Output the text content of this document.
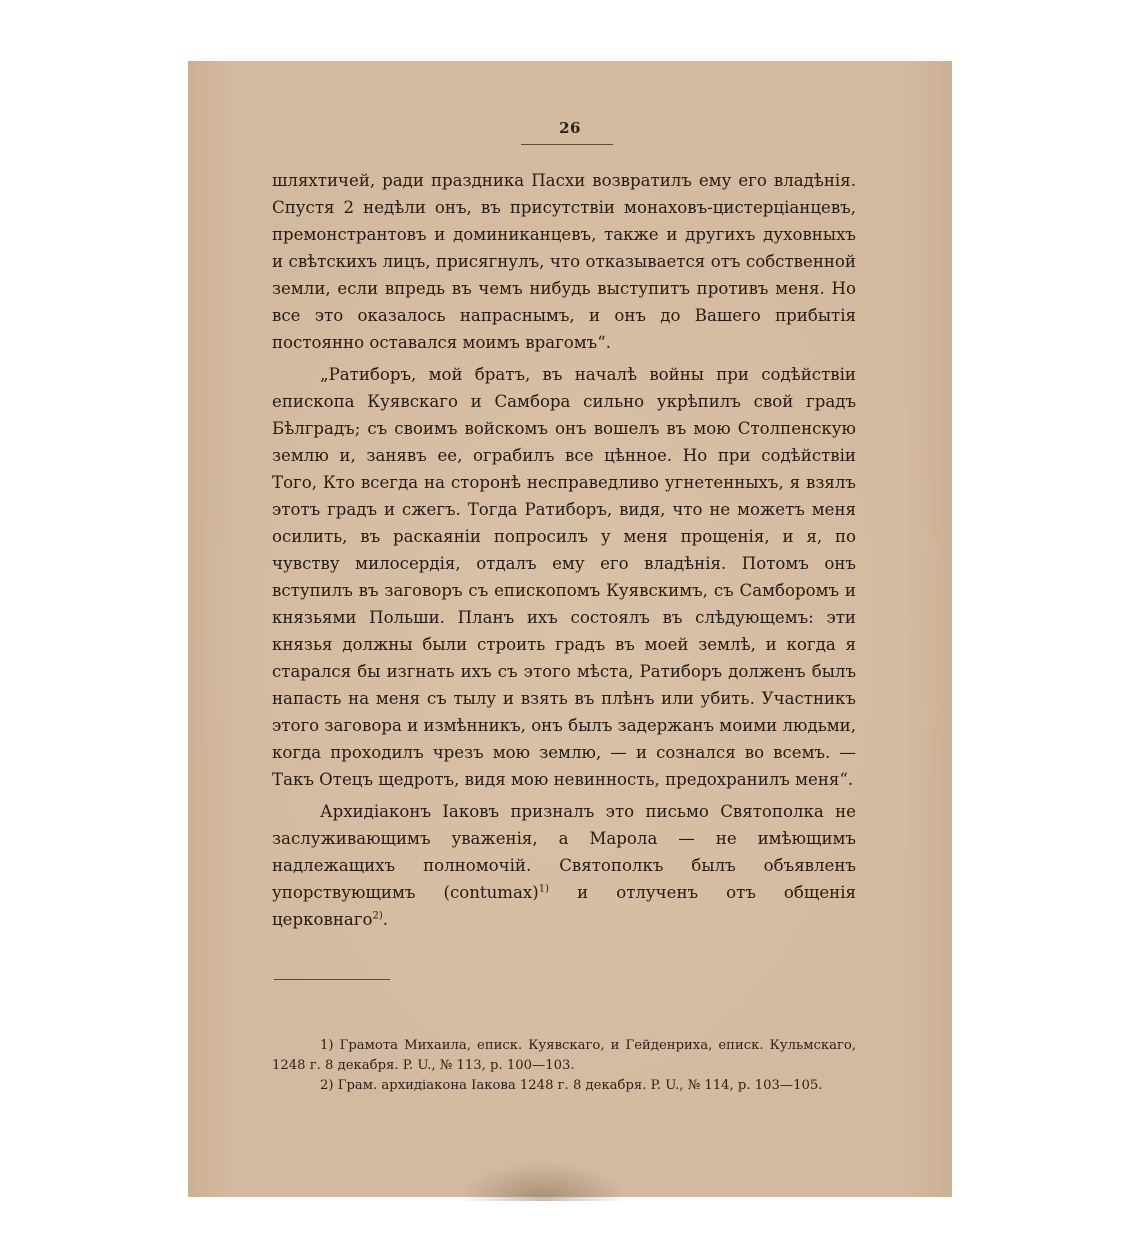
26

шляхтичей, ради праздника Пасхи возвратилъ ему его владѣнія. Спустя 2 недѣли онъ, въ присутствіи монаховъ-цистерціанцевъ, премонстрантовъ и доминиканцевъ, также и другихъ духовныхъ и свѣтскихъ лицъ, присягнулъ, что отказывается отъ собственной земли, если впредь въ чемъ нибудь выступитъ противъ меня. Но все это оказалось напраснымъ, и онъ до Вашего прибытія постоянно оставался моимъ врагомъ“.

„Ратиборъ, мой братъ, въ началѣ войны при содѣйствіи епископа Куявскаго и Самбора сильно укрѣпилъ свой градъ Бѣлградъ; съ своимъ войскомъ онъ вошелъ въ мою Столпенскую землю и, занявъ ее, ограбилъ все цѣнное. Но при содѣйствіи Того, Кто всегда на сторонѣ несправедливо угнетенныхъ, я взялъ этотъ градъ и сжегъ. Тогда Ратиборъ, видя, что не можетъ меня осилить, въ раскаяніи попросилъ у меня прощенія, и я, по чувству милосердія, отдалъ ему его владѣнія. Потомъ онъ вступилъ въ заговоръ съ епископомъ Куявскимъ, съ Самборомъ и князьями Польши. Планъ ихъ состоялъ въ слѣдующемъ: эти князья должны были строить градъ въ моей землѣ, и когда я старался бы изгнать ихъ съ этого мѣста, Ратиборъ долженъ былъ напасть на меня съ тылу и взять въ плѣнъ или убить. Участникъ этого заговора и измѣнникъ, онъ былъ задержанъ моими людьми, когда проходилъ чрезъ мою землю, — и сознался во всемъ. — Такъ Отецъ щедротъ, видя мою невинность, предохранилъ меня“.

Архидіаконъ Іаковъ призналъ это письмо Святополка не заслуживающимъ уваженія, а Марола — не имѣющимъ надлежащихъ полномочій. Святополкъ былъ объявленъ упорствующимъ (contumax)$^{1)}$ и отлученъ отъ общенія церковнаго$^{2)}$.

1) Грамота Михаила, еписк. Куявскаго, и Гейденриха, еписк. Кульмскаго, 1248 г. 8 декабря. P. U., № 113, p. 100—103.

2) Грам. архидіакона Іакова 1248 г. 8 декабря. P. U., № 114, p. 103—105.
